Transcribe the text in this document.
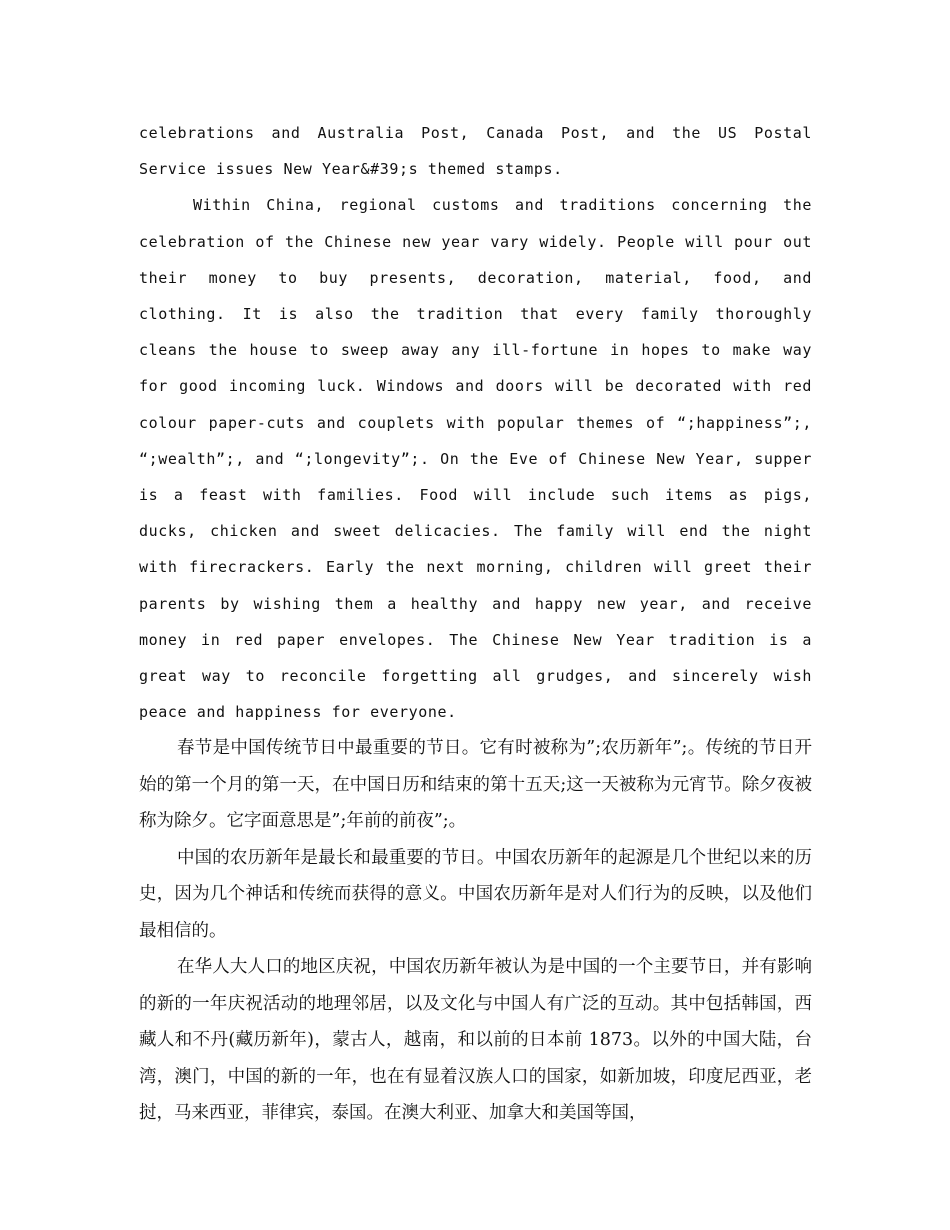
celebrations and Australia Post, Canada Post, and the US Postal Service issues New Year&#39;s themed stamps.

Within China, regional customs and traditions concerning the celebration of the Chinese new year vary widely. People will pour out their money to buy presents, decoration, material, food, and clothing. It is also the tradition that every family thoroughly cleans the house to sweep away any ill-fortune in hopes to make way for good incoming luck. Windows and doors will be decorated with red colour paper-cuts and couplets with popular themes of “;happiness”;, “;wealth”;, and “;longevity”;. On the Eve of Chinese New Year, supper is a feast with families. Food will include such items as pigs, ducks, chicken and sweet delicacies. The family will end the night with firecrackers. Early the next morning, children will greet their parents by wishing them a healthy and happy new year, and receive money in red paper envelopes. The Chinese New Year tradition is a great way to reconcile forgetting all grudges, and sincerely wish peace and happiness for everyone.

春节是中国传统节日中最重要的节日。它有时被称为”;农历新年”;。传统的节日开始的第一个月的第一天，在中国日历和结束的第十五天;这一天被称为元宵节。除夕夜被称为除夕。它字面意思是”;年前的前夜”;。

中国的农历新年是最长和最重要的节日。中国农历新年的起源是几个世纪以来的历史，因为几个神话和传统而获得的意义。中国农历新年是对人们行为的反映，以及他们最相信的。

在华人大人口的地区庆祝，中国农历新年被认为是中国的一个主要节日，并有影响的新的一年庆祝活动的地理邻居，以及文化与中国人有广泛的互动。其中包括韩国，西藏人和不丹(藏历新年)，蒙古人，越南，和以前的日本前 1873。以外的中国大陆，台湾，澳门，中国的新的一年，也在有显着汉族人口的国家，如新加坡，印度尼西亚，老挝，马来西亚，菲律宾，泰国。在澳大利亚、加拿大和美国等国，
